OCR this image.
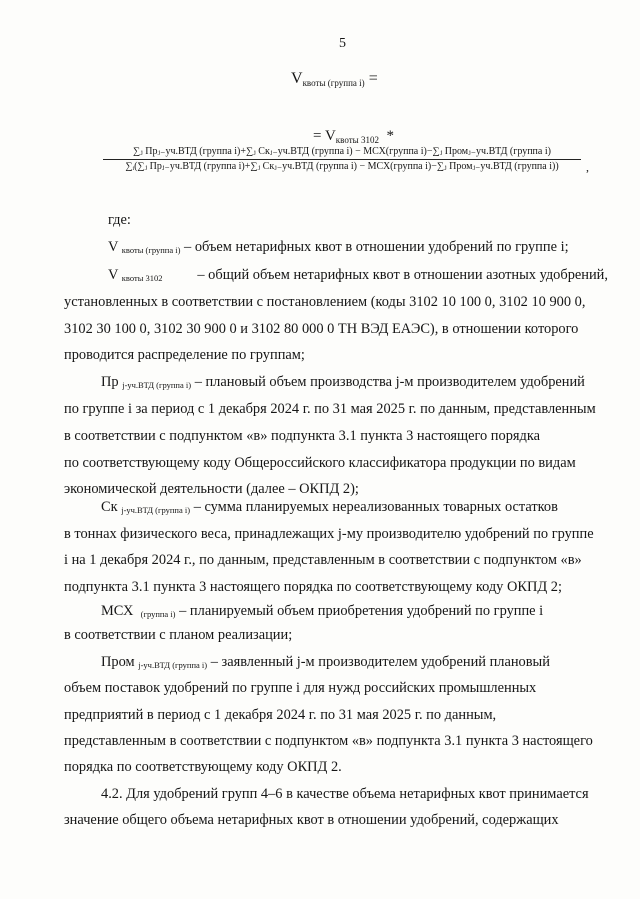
5
$V_{квоты (группа i)}$ =
= $V_{квоты 3102}$ *
∑ⱼ Прⱼ₋уч.ВТД (группа i)+∑ⱼ Скⱼ₋уч.ВТД (группа i) − МСХ(группа i)−∑ⱼ Промⱼ₋уч.ВТД (группа i)
∑ᵢ(∑ⱼ Прⱼ₋уч.ВТД (группа i)+∑ⱼ Скⱼ₋уч.ВТД (группа i) − МСХ(группа i)−∑ⱼ Промⱼ₋уч.ВТД (группа i))	,
где:
V квоты (группа i) – объем нетарифных квот в отношении удобрений по группе i;
V квоты 3102 – общий объем нетарифных квот в отношении азотных удобрений,
установленных в соответствии с постановлением (коды 3102 10 100 0, 3102 10 900 0,
3102 30 100 0, 3102 30 900 0 и 3102 80 000 0 ТН ВЭД ЕАЭС), в отношении которого
проводится распределение по группам;
Пр j-уч.ВТД (группа i) – плановый объем производства j-м производителем удобрений
по группе i за период с 1 декабря 2024 г. по 31 мая 2025 г. по данным, представленным
в соответствии с подпунктом «в» подпункта 3.1 пункта 3 настоящего порядка
по соответствующему коду Общероссийского классификатора продукции по видам
экономической деятельности (далее – ОКПД 2);
Ск j-уч.ВТД (группа i) – сумма планируемых нереализованных товарных остатков
в тоннах физического веса, принадлежащих j-му производителю удобрений по группе
i на 1 декабря 2024 г., по данным, представленным в соответствии с подпунктом «в»
подпункта 3.1 пункта 3 настоящего порядка по соответствующему коду ОКПД 2;
МСХ (группа i) – планируемый объем приобретения удобрений по группе i
в соответствии с планом реализации;
Пром j-уч.ВТД (группа i) – заявленный j-м производителем удобрений плановый
объем поставок удобрений по группе i для нужд российских промышленных
предприятий в период с 1 декабря 2024 г. по 31 мая 2025 г. по данным,
представленным в соответствии с подпунктом «в» подпункта 3.1 пункта 3 настоящего
порядка по соответствующему коду ОКПД 2.
4.2. Для удобрений групп 4–6 в качестве объема нетарифных квот принимается
значение общего объема нетарифных квот в отношении удобрений, содержащих
